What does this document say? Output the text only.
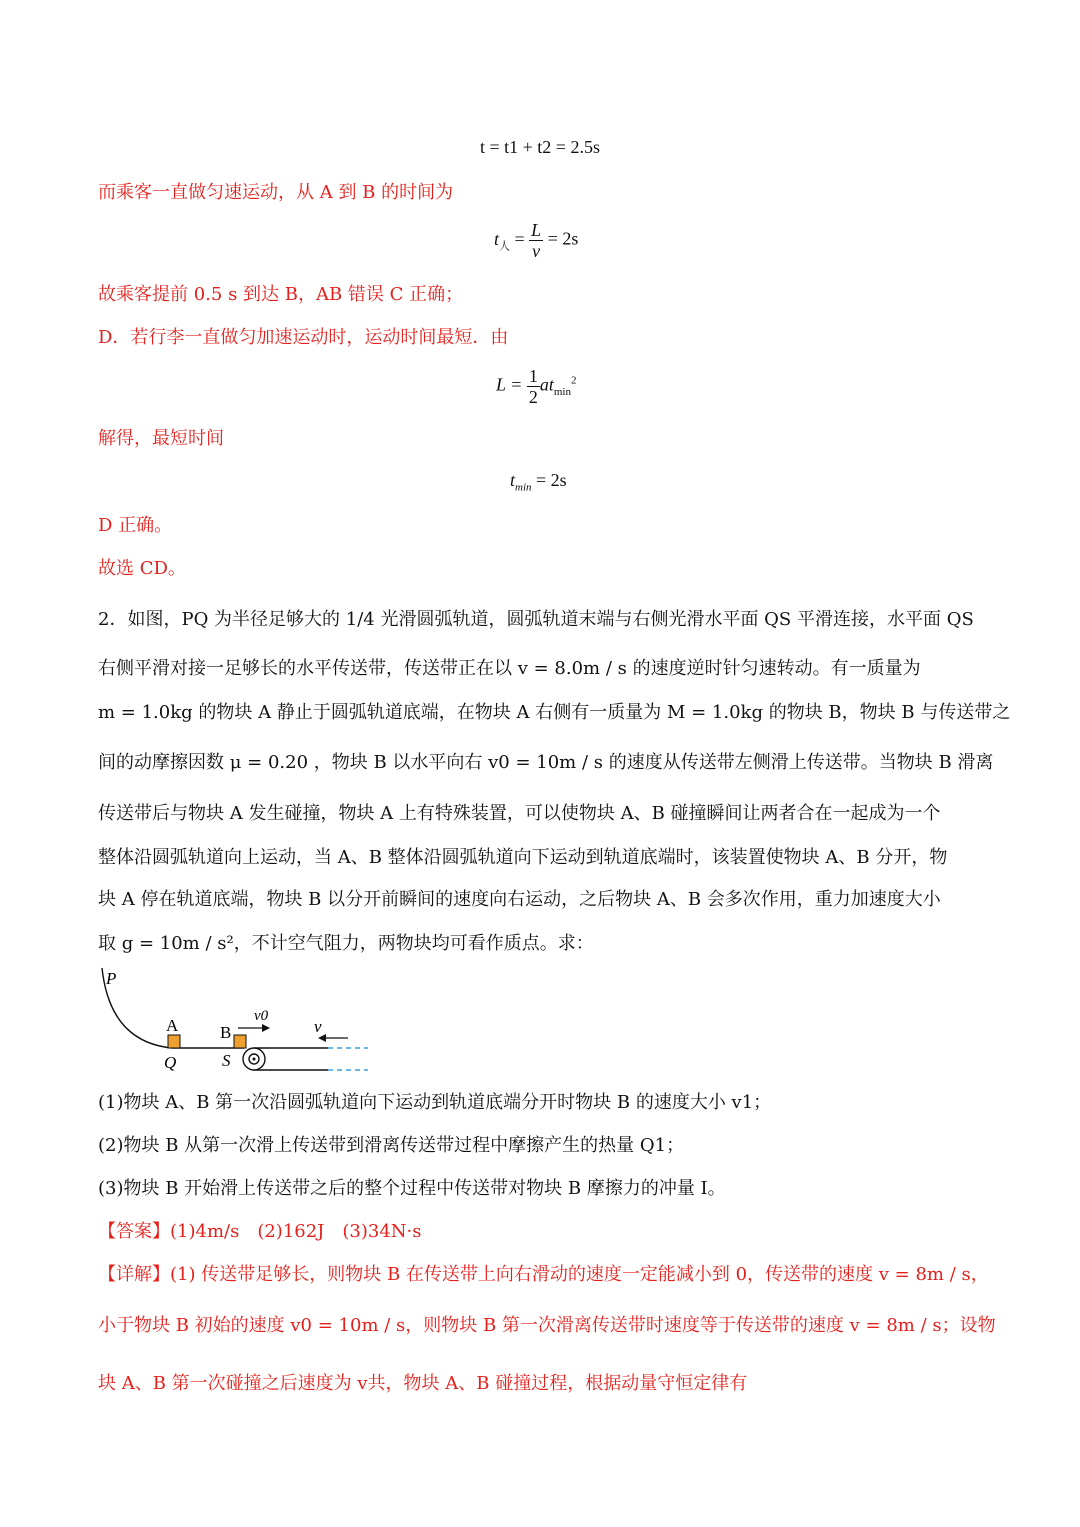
t = t1 + t2 = 2.5s
而乘客一直做匀速运动，从 A 到 B 的时间为
$t_人 = \frac{L}{v} = 2s$
故乘客提前 0.5 s 到达 B，AB 错误 C 正确；
D．若行李一直做匀加速运动时，运动时间最短．由
$L = \frac{1}{2} at_{min}^2$
解得，最短时间
$t_{min} = 2s$
D 正确。
故选 CD。
2．如图，PQ 为半径足够大的 1/4 光滑圆弧轨道，圆弧轨道末端与右侧光滑水平面 QS 平滑连接，水平面 QS
右侧平滑对接一足够长的水平传送带，传送带正在以 v = 8.0m / s 的速度逆时针匀速转动。有一质量为
m = 1.0kg 的物块 A 静止于圆弧轨道底端，在物块 A 右侧有一质量为 M = 1.0kg 的物块 B，物块 B 与传送带之
间的动摩擦因数 μ = 0.20 ，物块 B 以水平向右 v0 = 10m / s 的速度从传送带左侧滑上传送带。当物块 B 滑离
传送带后与物块 A 发生碰撞，物块 A 上有特殊装置，可以使物块 A、B 碰撞瞬间让两者合在一起成为一个
整体沿圆弧轨道向上运动，当 A、B 整体沿圆弧轨道向下运动到轨道底端时，该装置使物块 A、B 分开，物
块 A 停在轨道底端，物块 B 以分开前瞬间的速度向右运动，之后物块 A、B 会多次作用，重力加速度大小
取 g = 10m / s²，不计空气阻力，两物块均可看作质点。求：
P
A B
v0
v
Q	S
(1)物块 A、B 第一次沿圆弧轨道向下运动到轨道底端分开时物块 B 的速度大小 v1；
(2)物块 B 从第一次滑上传送带到滑离传送带过程中摩擦产生的热量 Q1；
(3)物块 B 开始滑上传送带之后的整个过程中传送带对物块 B 摩擦力的冲量 I。
【答案】(1)4m/s　(2)162J　(3)34N·s
【详解】(1) 传送带足够长，则物块 B 在传送带上向右滑动的速度一定能减小到 0，传送带的速度 v = 8m / s，
小于物块 B 初始的速度 v0 = 10m / s，则物块 B 第一次滑离传送带时速度等于传送带的速度 v = 8m / s；设物
块 A、B 第一次碰撞之后速度为 v共，物块 A、B 碰撞过程，根据动量守恒定律有
